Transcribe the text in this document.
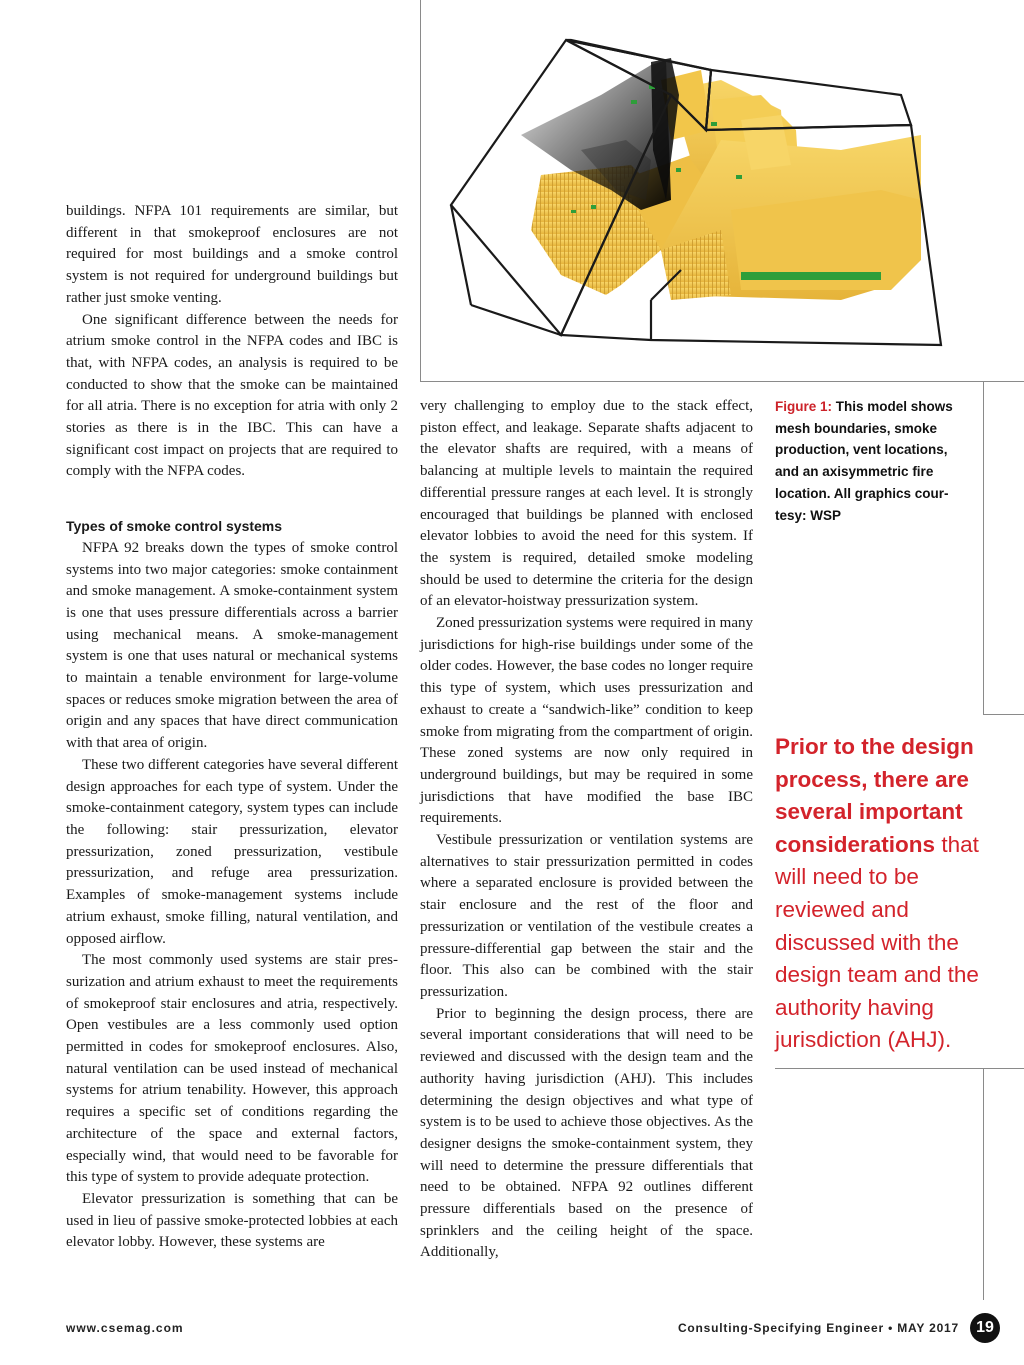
Figure 1: This model shows mesh boundaries, smoke production, vent locations, and an axisymmetric fire location. All graphics courtesy: WSP

buildings. NFPA 101 requirements are similar, but different in that smokeproof enclosures are not required for most buildings and a smoke control system is not required for underground buildings but rather just smoke venting.

One significant difference between the needs for atrium smoke control in the NFPA codes and IBC is that, with NFPA codes, an analysis is required to be conducted to show that the smoke can be maintained for all atria. There is no exception for atria with only 2 stories as there is in the IBC. This can have a significant cost impact on projects that are required to comply with the NFPA codes.

Types of smoke control systems

NFPA 92 breaks down the types of smoke control systems into two major categories: smoke containment and smoke management. A smoke-containment system is one that uses pressure differentials across a barrier using mechanical means. A smoke-management system is one that uses natural or mechanical systems to maintain a tenable environment for large-volume spaces or reduces smoke migration between the area of origin and any spaces that have direct communication with that area of origin.

These two different categories have several different design approaches for each type of system. Under the smoke-containment category, system types can include the following: stair pressurization, elevator pressurization, zoned pressurization, vestibule pressurization, and refuge area pressurization. Examples of smoke-management systems include atrium exhaust, smoke filling, natural ventilation, and opposed airflow.

The most commonly used systems are stair pressurization and atrium exhaust to meet the requirements of smokeproof stair enclosures and atria, respectively. Open vestibules are a less commonly used option permitted in codes for smokeproof enclosures. Also, natural ventilation can be used instead of mechanical systems for atrium tenability. However, this approach requires a specific set of conditions regarding the architecture of the space and external factors, especially wind, that would need to be favorable for this type of system to provide adequate protection.

Elevator pressurization is something that can be used in lieu of passive smoke-protected lobbies at each elevator lobby. However, these systems are

very challenging to employ due to the stack effect, piston effect, and leakage. Separate shafts adjacent to the elevator shafts are required, with a means of balancing at multiple levels to maintain the required differential pressure ranges at each level. It is strongly encouraged that buildings be planned with enclosed elevator lobbies to avoid the need for this system. If the system is required, detailed smoke modeling should be used to determine the criteria for the design of an elevator-hoistway pressurization system.

Zoned pressurization systems were required in many jurisdictions for high-rise buildings under some of the older codes. However, the base codes no longer require this type of system, which uses pressurization and exhaust to create a “sandwich-like” condition to keep smoke from migrating from the compartment of origin. These zoned systems are now only required in underground buildings, but may be required in some jurisdictions that have modified the base IBC requirements.

Vestibule pressurization or ventilation systems are alternatives to stair pressurization permitted in codes where a separated enclosure is provided between the stair enclosure and the rest of the floor and pressurization or ventilation of the vestibule creates a pressure-differential gap between the stair and the floor. This also can be combined with the stair pressurization.

Prior to beginning the design process, there are several important considerations that will need to be reviewed and discussed with the design team and the authority having jurisdiction (AHJ). This includes determining the design objectives and what type of system is to be used to achieve those objectives. As the designer designs the smoke-containment system, they will need to determine the pressure differentials that need to be obtained. NFPA 92 outlines different pressure differentials based on the presence of sprinklers and the ceiling height of the space. Additionally,

Prior to the design process, there are several important considerations that will need to be reviewed and discussed with the design team and the authority having jurisdiction (AHJ).
www.csemag.com	Consulting-Specifying Engineer • MAY 2017	19
